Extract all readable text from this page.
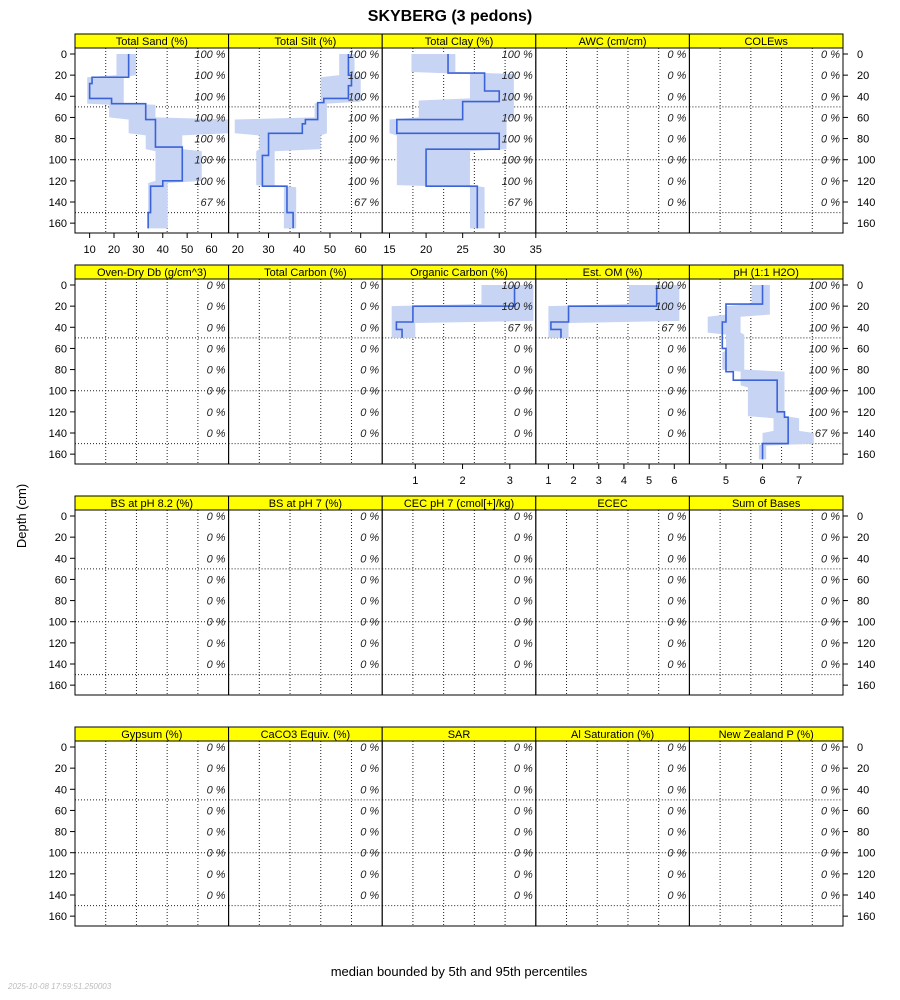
SKYBERG (3 pedons)
Depth (cm)
Total Sand (%)
100 %
100 %
100 %
100 %
100 %
100 %
100 %
67 %
10 20 30 40 50 60
Total Silt (%)
100 %
100 %
100 %
100 %
100 %
100 %
100 %
67 %
20 30 40 50 60
Total Clay (%)
100 %
100 %
100 %
100 %
100 %
100 %
100 %
67 %
15 20 25 30 35
AWC (cm/cm)
0 %
0 %
0 %
0 %
0 %
0 %
0 %
0 %
COLEws
0 %
0 %
0 %
0 %
0 %
0 %
0 %
0 %
0	0
20	20
40	40
60	60
80	80
100	100
120	120
140	140
160	160
Oven-Dry Db (g/cm^3)
0 %
0 %
0 %
0 %
0 %
0 %
0 %
0 %
Total Carbon (%)
0 %
0 %
0 %
0 %
0 %
0 %
0 %
0 %
Organic Carbon (%)
100 %
100 %
67 %
0 %
0 %
0 %
0 %
0 %
1	2	3
Est. OM (%)
100 %
100 %
67 %
0 %
0 %
0 %
0 %
0 %
1 2 3 4 5 6
pH (1:1 H2O)
100 %
100 %
100 %
100 %
100 %
100 %
100 %
67 %
5	6	7
0	0
20	20
40	40
60	60
80	80
100	100
120	120
140	140
160	160
BS at pH 8.2 (%)
0 %
0 %
0 %
0 %
0 %
0 %
0 %
0 %
BS at pH 7 (%)
0 %
0 %
0 %
0 %
0 %
0 %
0 %
0 %
CEC pH 7 (cmol[+]/kg)
0 %
0 %
0 %
0 %
0 %
0 %
0 %
0 %
ECEC
0 %
0 %
0 %
0 %
0 %
0 %
0 %
0 %
Sum of Bases
0 %
0 %
0 %
0 %
0 %
0 %
0 %
0 %
0	0
20	20
40	40
60	60
80	80
100	100
120	120
140	140
160	160
Gypsum (%)
0 %
0 %
0 %
0 %
0 %
0 %
0 %
0 %
CaCO3 Equiv. (%)
0 %
0 %
0 %
0 %
0 %
0 %
0 %
0 %
SAR
0 %
0 %
0 %
0 %
0 %
0 %
0 %
0 %
Al Saturation (%)
0 %
0 %
0 %
0 %
0 %
0 %
0 %
0 %
New Zealand P (%)
0 %
0 %
0 %
0 %
0 %
0 %
0 %
0 %
0	0
20	20
40	40
60	60
80	80
100	100
120	120
140	140
160	160
median bounded by 5th and 95th percentiles
2025-10-08 17:59:51.250003
